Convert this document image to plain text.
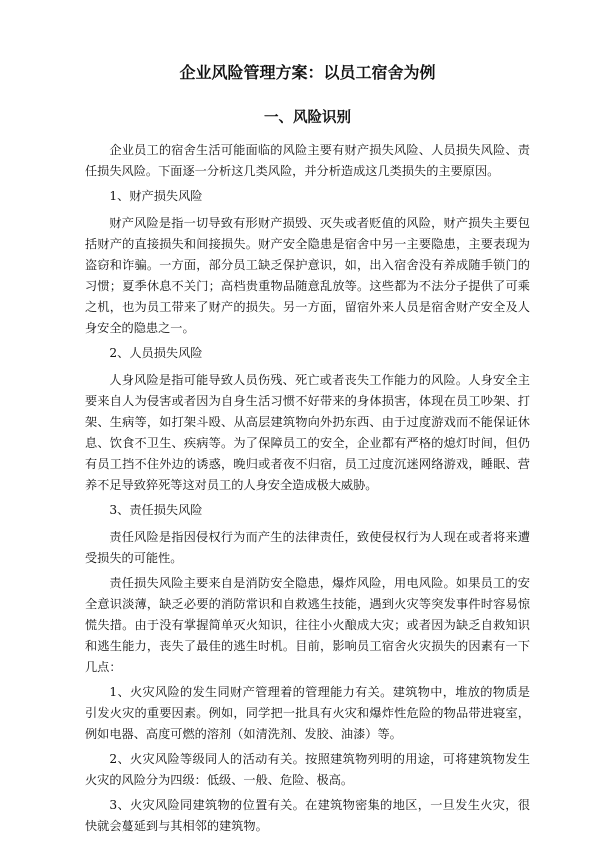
企业风险管理方案：以员工宿舍为例
一、风险识别

企业员工的宿舍生活可能面临的风险主要有财产损失风险、人员损失风险、责任损失风险。下面逐一分析这几类风险，并分析造成这几类损失的主要原因。

1、财产损失风险

财产风险是指一切导致有形财产损毁、灭失或者贬值的风险，财产损失主要包括财产的直接损失和间接损失。财产安全隐患是宿舍中另一主要隐患，主要表现为盗窃和诈骗。一方面，部分员工缺乏保护意识，如，出入宿舍没有养成随手锁门的习惯；夏季休息不关门；高档贵重物品随意乱放等。这些都为不法分子提供了可乘之机，也为员工带来了财产的损失。另一方面，留宿外来人员是宿舍财产安全及人身安全的隐患之一。

2、人员损失风险

人身风险是指可能导致人员伤残、死亡或者丧失工作能力的风险。人身安全主要来自人为侵害或者因为自身生活习惯不好带来的身体损害，体现在员工吵架、打架、生病等，如打架斗殴、从高层建筑物向外扔东西、由于过度游戏而不能保证休息、饮食不卫生、疾病等。为了保障员工的安全，企业都有严格的熄灯时间，但仍有员工挡不住外边的诱惑，晚归或者夜不归宿，员工过度沉迷网络游戏，睡眠、营养不足导致猝死等这对员工的人身安全造成极大威胁。

3、责任损失风险

责任风险是指因侵权行为而产生的法律责任，致使侵权行为人现在或者将来遭受损失的可能性。

责任损失风险主要来自是消防安全隐患，爆炸风险，用电风险。如果员工的安全意识淡薄，缺乏必要的消防常识和自救逃生技能，遇到火灾等突发事件时容易惊慌失措。由于没有掌握简单灭火知识，往往小火酿成大灾；或者因为缺乏自救知识和逃生能力，丧失了最佳的逃生时机。目前，影响员工宿舍火灾损失的因素有一下几点：

1、火灾风险的发生同财产管理着的管理能力有关。建筑物中，堆放的物质是引发火灾的重要因素。例如，同学把一批具有火灾和爆炸性危险的物品带进寝室，例如电器、高度可燃的溶剂（如清洗剂、发胶、油漆）等。

2、火灾风险等级同人的活动有关。按照建筑物列明的用途，可将建筑物发生火灾的风险分为四级：低级、一般、危险、极高。

3、火灾风险同建筑物的位置有关。在建筑物密集的地区，一旦发生火灾，很快就会蔓延到与其相邻的建筑物。
